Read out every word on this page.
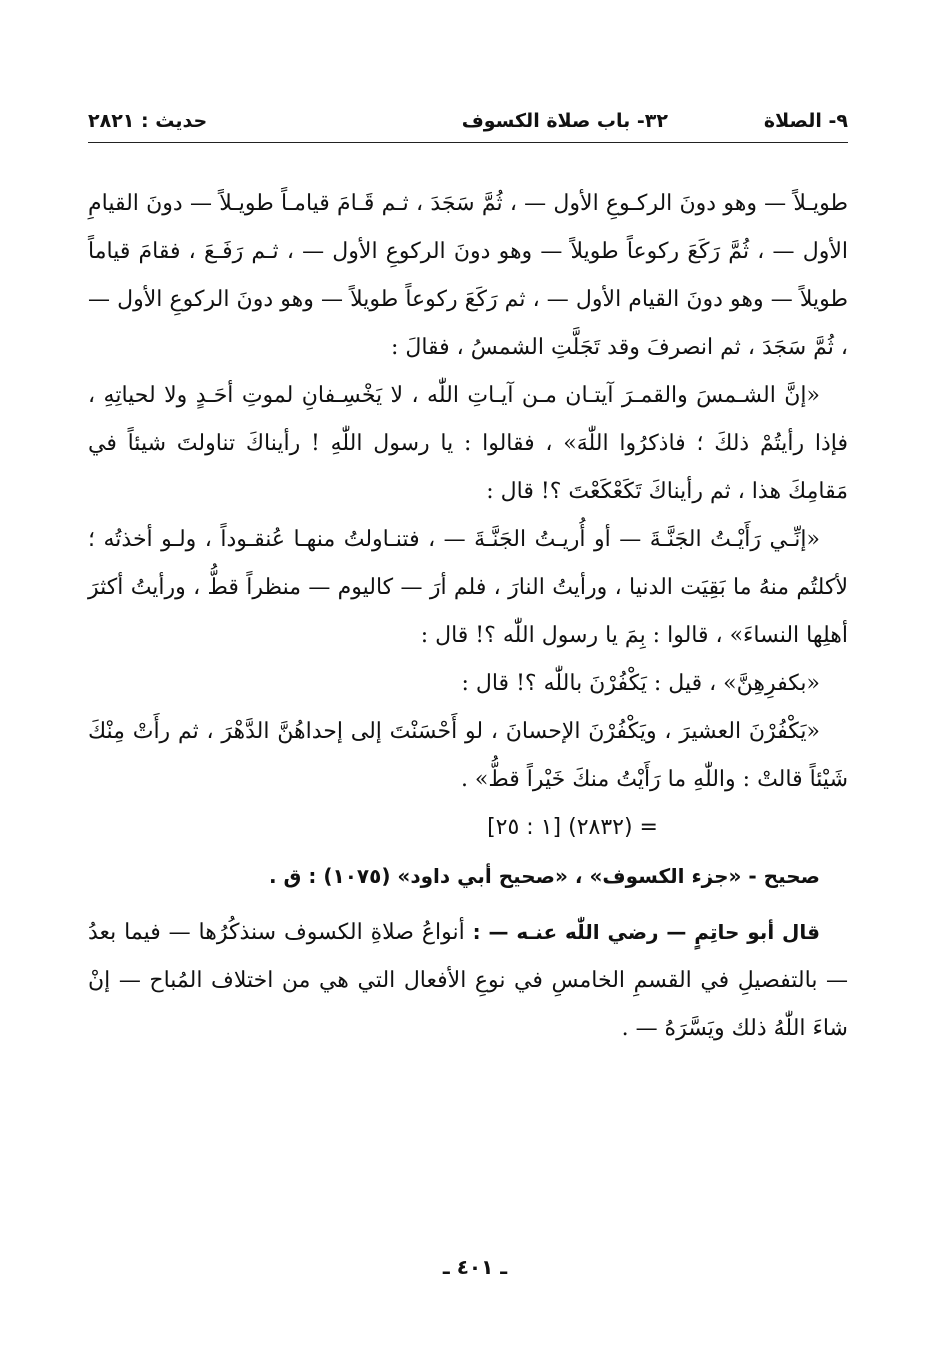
٩- الصلاة
٣٢- باب صلاة الكسوف
حديث : ٢٨٢١

طويـلاً — وهو دونَ الركـوعِ الأول — ، ثُمَّ سَجَدَ ، ثـم قَـامَ قيامـاً طويـلاً — دونَ القيامِ الأول — ، ثُمَّ رَكَعَ ركوعاً طويلاً — وهو دونَ الركوعِ الأول — ، ثـم رَفَـعَ ، فقامَ قياماً طويلاً — وهو دونَ القيام الأول — ، ثم رَكَعَ ركوعاً طويلاً — وهو دونَ الركوعِ الأول — ، ثُمَّ سَجَدَ ، ثم انصرفَ وقد تَجَلَّتِ الشمسُ ، فقالَ :

«إنَّ الشـمسَ والقمـرَ آيتـان مـن آيـاتِ اللّٰه ، لا يَخْسِـفانِ لموتِ أحَـدٍ ولا لحياتِهِ ، فإذا رأيتُمْ ذلكَ ؛ فاذكرُوا اللّٰهَ» ، فقالوا : يا رسول اللّٰهِ ! رأيناكَ تناولتَ شيئاً في مَقامِكَ هذا ، ثم رأيناكَ تَكَعْكَعْتَ ؟! قال :

«إنِّـي رَأَيْـتُ الجَنَّـةَ — أو أُريـتُ الجَنَّـةَ — ، فتنـاولتُ منهـا عُنقـوداً ، ولـو أخذتُه ؛ لأكلتُم منهُ ما بَقِيَت الدنيا ، ورأيتُ النارَ ، فلم أرَ — كاليوم — منظراً قطُّ ، ورأيتُ أكثرَ أهلِها النساءَ» ، قالوا : بِمَ يا رسول اللّٰه ؟! قال :

«بكفرِهِنَّ» ، قيل : يَكْفُرْنَ باللّٰه ؟! قال :

«يَكْفُرْنَ العشيرَ ، ويَكْفُرْنَ الإحسانَ ، لو أَحْسَنْتَ إلى إحداهُنَّ الدَّهْرَ ، ثم رأَتْ مِنْكَ شَيْئاً قالتْ : واللّٰهِ ما رَأَيْتُ منكَ خَيْراً قطُّ» .

= (٢٨٣٢) [١ : ٢٥]

صحيح - «جزء الكسوف» ، «صحيح أبي داود» (١٠٧٥) : ق .

قال أبو حاتِمٍ — رضي اللّٰه عنـه — : أنواعُ صلاةِ الكسوف سنذكُرُها — فيما بعدُ — بالتفصيلِ في القسمِ الخامسِ في نوعِ الأفعال التي هي من اختلاف المُباح — إنْ شاءَ اللّٰهُ ذلك ويَسَّرَهُ — .

ـ ٤٠١ ـ
